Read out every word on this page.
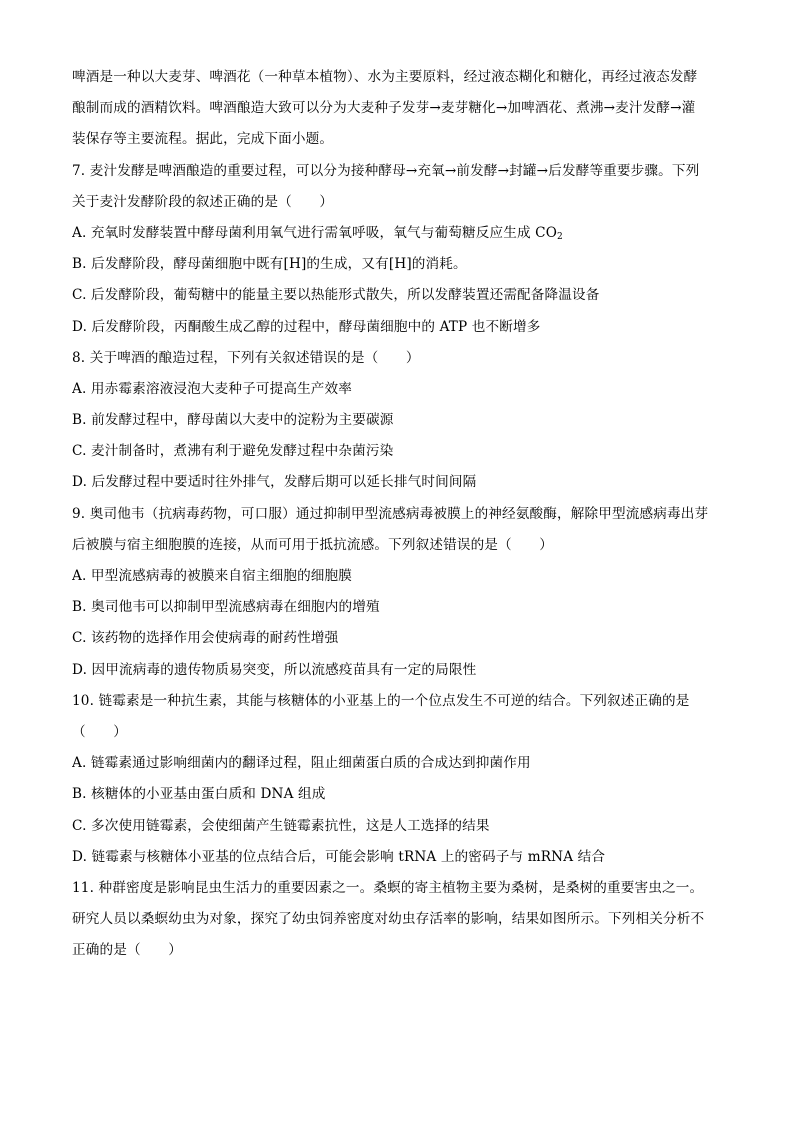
啤酒是一种以大麦芽、啤酒花（一种草本植物）、水为主要原料，经过液态糊化和糖化，再经过液态发酵
酿制而成的酒精饮料。啤酒酿造大致可以分为大麦种子发芽→麦芽糖化→加啤酒花、煮沸→麦汁发酵→灌
装保存等主要流程。据此，完成下面小题。
7. 麦汁发酵是啤酒酿造的重要过程，可以分为接种酵母→充氧→前发酵→封罐→后发酵等重要步骤。下列
关于麦汁发酵阶段的叙述正确的是（　　）
A. 充氧时发酵装置中酵母菌利用氧气进行需氧呼吸，氧气与葡萄糖反应生成 $CO_2$
B. 后发酵阶段，酵母菌细胞中既有[H]的生成，又有[H]的消耗。
C. 后发酵阶段，葡萄糖中的能量主要以热能形式散失，所以发酵装置还需配备降温设备
D. 后发酵阶段，丙酮酸生成乙醇的过程中，酵母菌细胞中的 ATP 也不断增多
8. 关于啤酒的酿造过程，下列有关叙述错误的是（　　）
A. 用赤霉素溶液浸泡大麦种子可提高生产效率
B. 前发酵过程中，酵母菌以大麦中的淀粉为主要碳源
C. 麦汁制备时，煮沸有利于避免发酵过程中杂菌污染
D. 后发酵过程中要适时往外排气，发酵后期可以延长排气时间间隔
9. 奥司他韦（抗病毒药物，可口服）通过抑制甲型流感病毒被膜上的神经氨酸酶，解除甲型流感病毒出芽
后被膜与宿主细胞膜的连接，从而可用于抵抗流感。下列叙述错误的是（　　）
A. 甲型流感病毒的被膜来自宿主细胞的细胞膜
B. 奥司他韦可以抑制甲型流感病毒在细胞内的增殖
C. 该药物的选择作用会使病毒的耐药性增强
D. 因甲流病毒的遗传物质易突变，所以流感疫苗具有一定的局限性
10. 链霉素是一种抗生素，其能与核糖体的小亚基上的一个位点发生不可逆的结合。下列叙述正确的是
（　　）
A. 链霉素通过影响细菌内的翻译过程，阻止细菌蛋白质的合成达到抑菌作用
B. 核糖体的小亚基由蛋白质和 DNA 组成
C. 多次使用链霉素，会使细菌产生链霉素抗性，这是人工选择的结果
D. 链霉素与核糖体小亚基的位点结合后，可能会影响 tRNA 上的密码子与 mRNA 结合
11. 种群密度是影响昆虫生活力的重要因素之一。桑螟的寄主植物主要为桑树，是桑树的重要害虫之一。
研究人员以桑螟幼虫为对象，探究了幼虫饲养密度对幼虫存活率的影响，结果如图所示。下列相关分析不
正确的是（　　）
